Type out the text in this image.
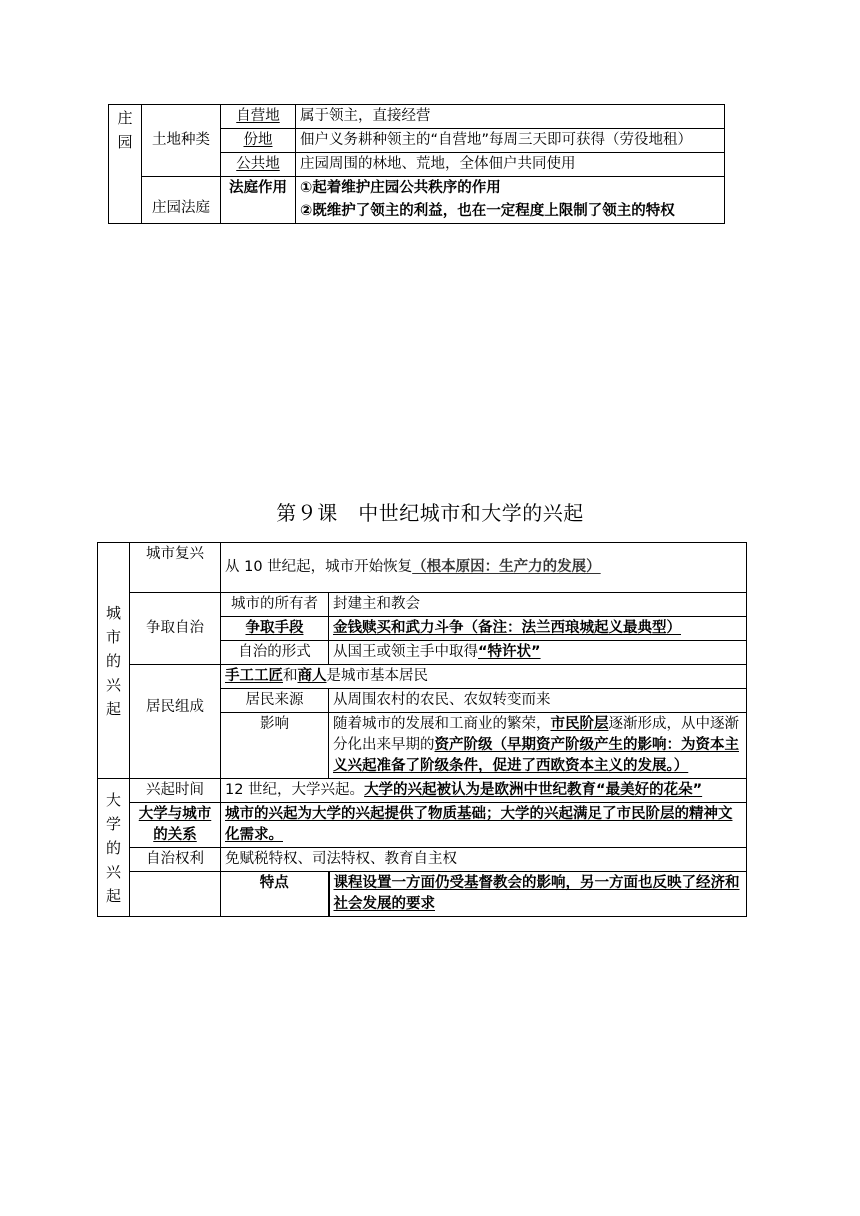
庄园	土地种类	自营地	属于领主，直接经营
		份地	佃户义务耕种领主的“自营地”每周三天即可获得（劳役地租）
		公共地	庄园周围的林地、荒地，全体佃户共同使用
	庄园法庭	法庭作用	①起着维护庄园公共秩序的作用
			②既维护了领主的利益，也在一定程度上限制了领主的特权
第９课　中世纪城市和大学的兴起
城市的兴起	城市复兴	从 10 世纪起，城市开始恢复（根本原因：生产力的发展）	
	争取自治	城市的所有者	封建主和教会
		争取手段	金钱赎买和武力斗争（备注：法兰西琅城起义最典型）
		自治的形式	从国王或领主手中取得“特许状”
	居民组成	手工工匠和商人是城市基本居民	
		居民来源	从周围农村的农民、农奴转变而来
		影响	随着城市的发展和工商业的繁荣，市民阶层逐渐形成，从中逐渐分化出来早期的资产阶级（早期资产阶级产生的影响：为资本主义兴起准备了阶级条件，促进了西欧资本主义的发展。）

大学的兴起	兴起时间	12 世纪，大学兴起。大学的兴起被认为是欧洲中世纪教育“最美好的花朵”	
	大学与城市的关系	城市的兴起为大学的兴起提供了物质基础；大学的兴起满足了市民阶层的精神文化需求。	
	自治权利	免赋税特权、司法特权、教育自主权	
		特点	课程设置一方面仍受基督教会的影响，另一方面也反映了经济和社会发展的要求
